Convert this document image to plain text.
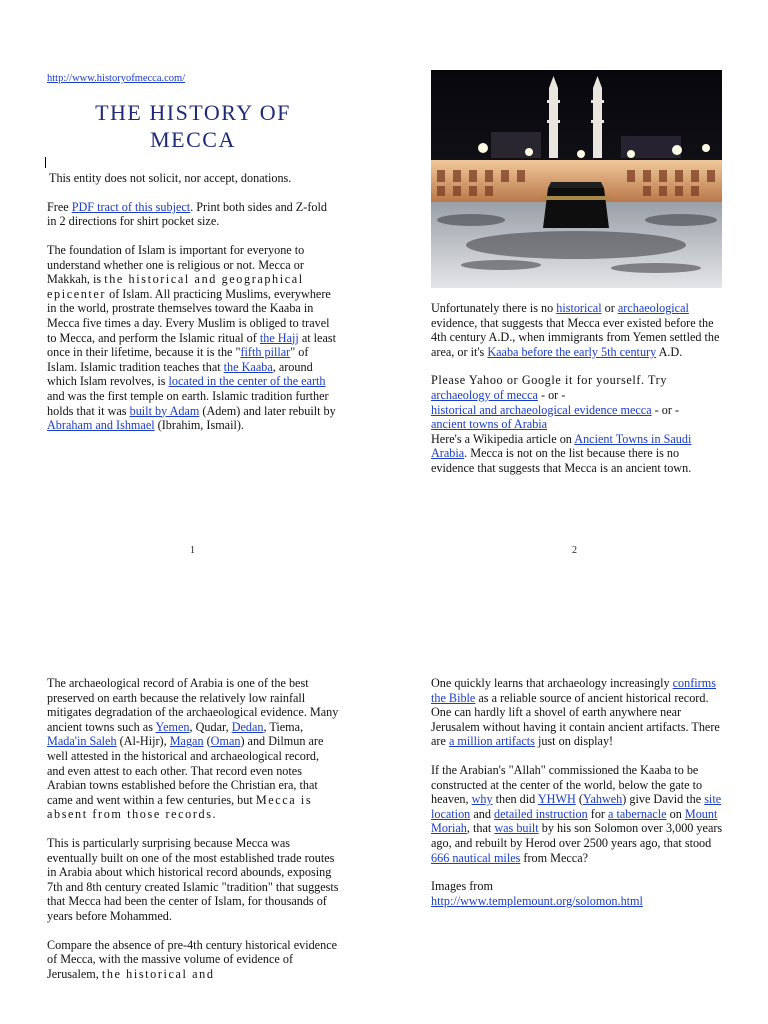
http://www.historyofmecca.com/
THE HISTORY OF
MECCA

This entity does not solicit, nor accept, donations.

Free PDF tract of this subject. Print both sides and Z-fold in 2 directions for shirt pocket size.

The foundation of Islam is important for everyone to understand whether one is religious or not. Mecca or Makkah, is the historical and geographical epicenter of Islam. All practicing Muslims, everywhere in the world, prostrate themselves toward the Kaaba in Mecca five times a day. Every Muslim is obliged to travel to Mecca, and perform the Islamic ritual of the Hajj at least once in their lifetime, because it is the "fifth pillar" of Islam. Islamic tradition teaches that the Kaaba, around which Islam revolves, is located in the center of the earth and was the first temple on earth. Islamic tradition further holds that it was built by Adam (Adem) and later rebuilt by Abraham and Ishmael (Ibrahim, Ismail).

1

Unfortunately there is no historical or archaeological evidence, that suggests that Mecca ever existed before the 4th century A.D., when immigrants from Yemen settled the area, or it's Kaaba before the early 5th century A.D.

Please Yahoo or Google it for yourself. Try
archaeology of mecca - or -
historical and archaeological evidence mecca - or -
ancient towns of Arabia
Here's a Wikipedia article on Ancient Towns in Saudi Arabia. Mecca is not on the list because there is no evidence that suggests that Mecca is an ancient town.

2

The archaeological record of Arabia is one of the best preserved on earth because the relatively low rainfall mitigates degradation of the archaeological evidence. Many ancient towns such as Yemen, Qudar, Dedan, Tiema, Mada'in Saleh (Al-Hijr), Magan (Oman) and Dilmun are well attested in the historical and archaeological record, and even attest to each other. That record even notes Arabian towns established before the Christian era, that came and went within a few centuries, but Mecca is absent from those records.

This is particularly surprising because Mecca was eventually built on one of the most established trade routes in Arabia about which historical record abounds, exposing 7th and 8th century created Islamic "tradition" that suggests that Mecca had been the center of Islam, for thousands of years before Mohammed.

Compare the absence of pre-4th century historical evidence of Mecca, with the massive volume of evidence of Jerusalem, the historical and

One quickly learns that archaeology increasingly confirms the Bible as a reliable source of ancient historical record. One can hardly lift a shovel of earth anywhere near Jerusalem without having it contain ancient artifacts. There are a million artifacts just on display!

If the Arabian's "Allah" commissioned the Kaaba to be constructed at the center of the world, below the gate to heaven, why then did YHWH (Yahweh) give David the site location and detailed instruction for a tabernacle on Mount Moriah, that was built by his son Solomon over 3,000 years ago, and rebuilt by Herod over 2500 years ago, that stood 666 nautical miles from Mecca?

Images from
http://www.templemount.org/solomon.html
